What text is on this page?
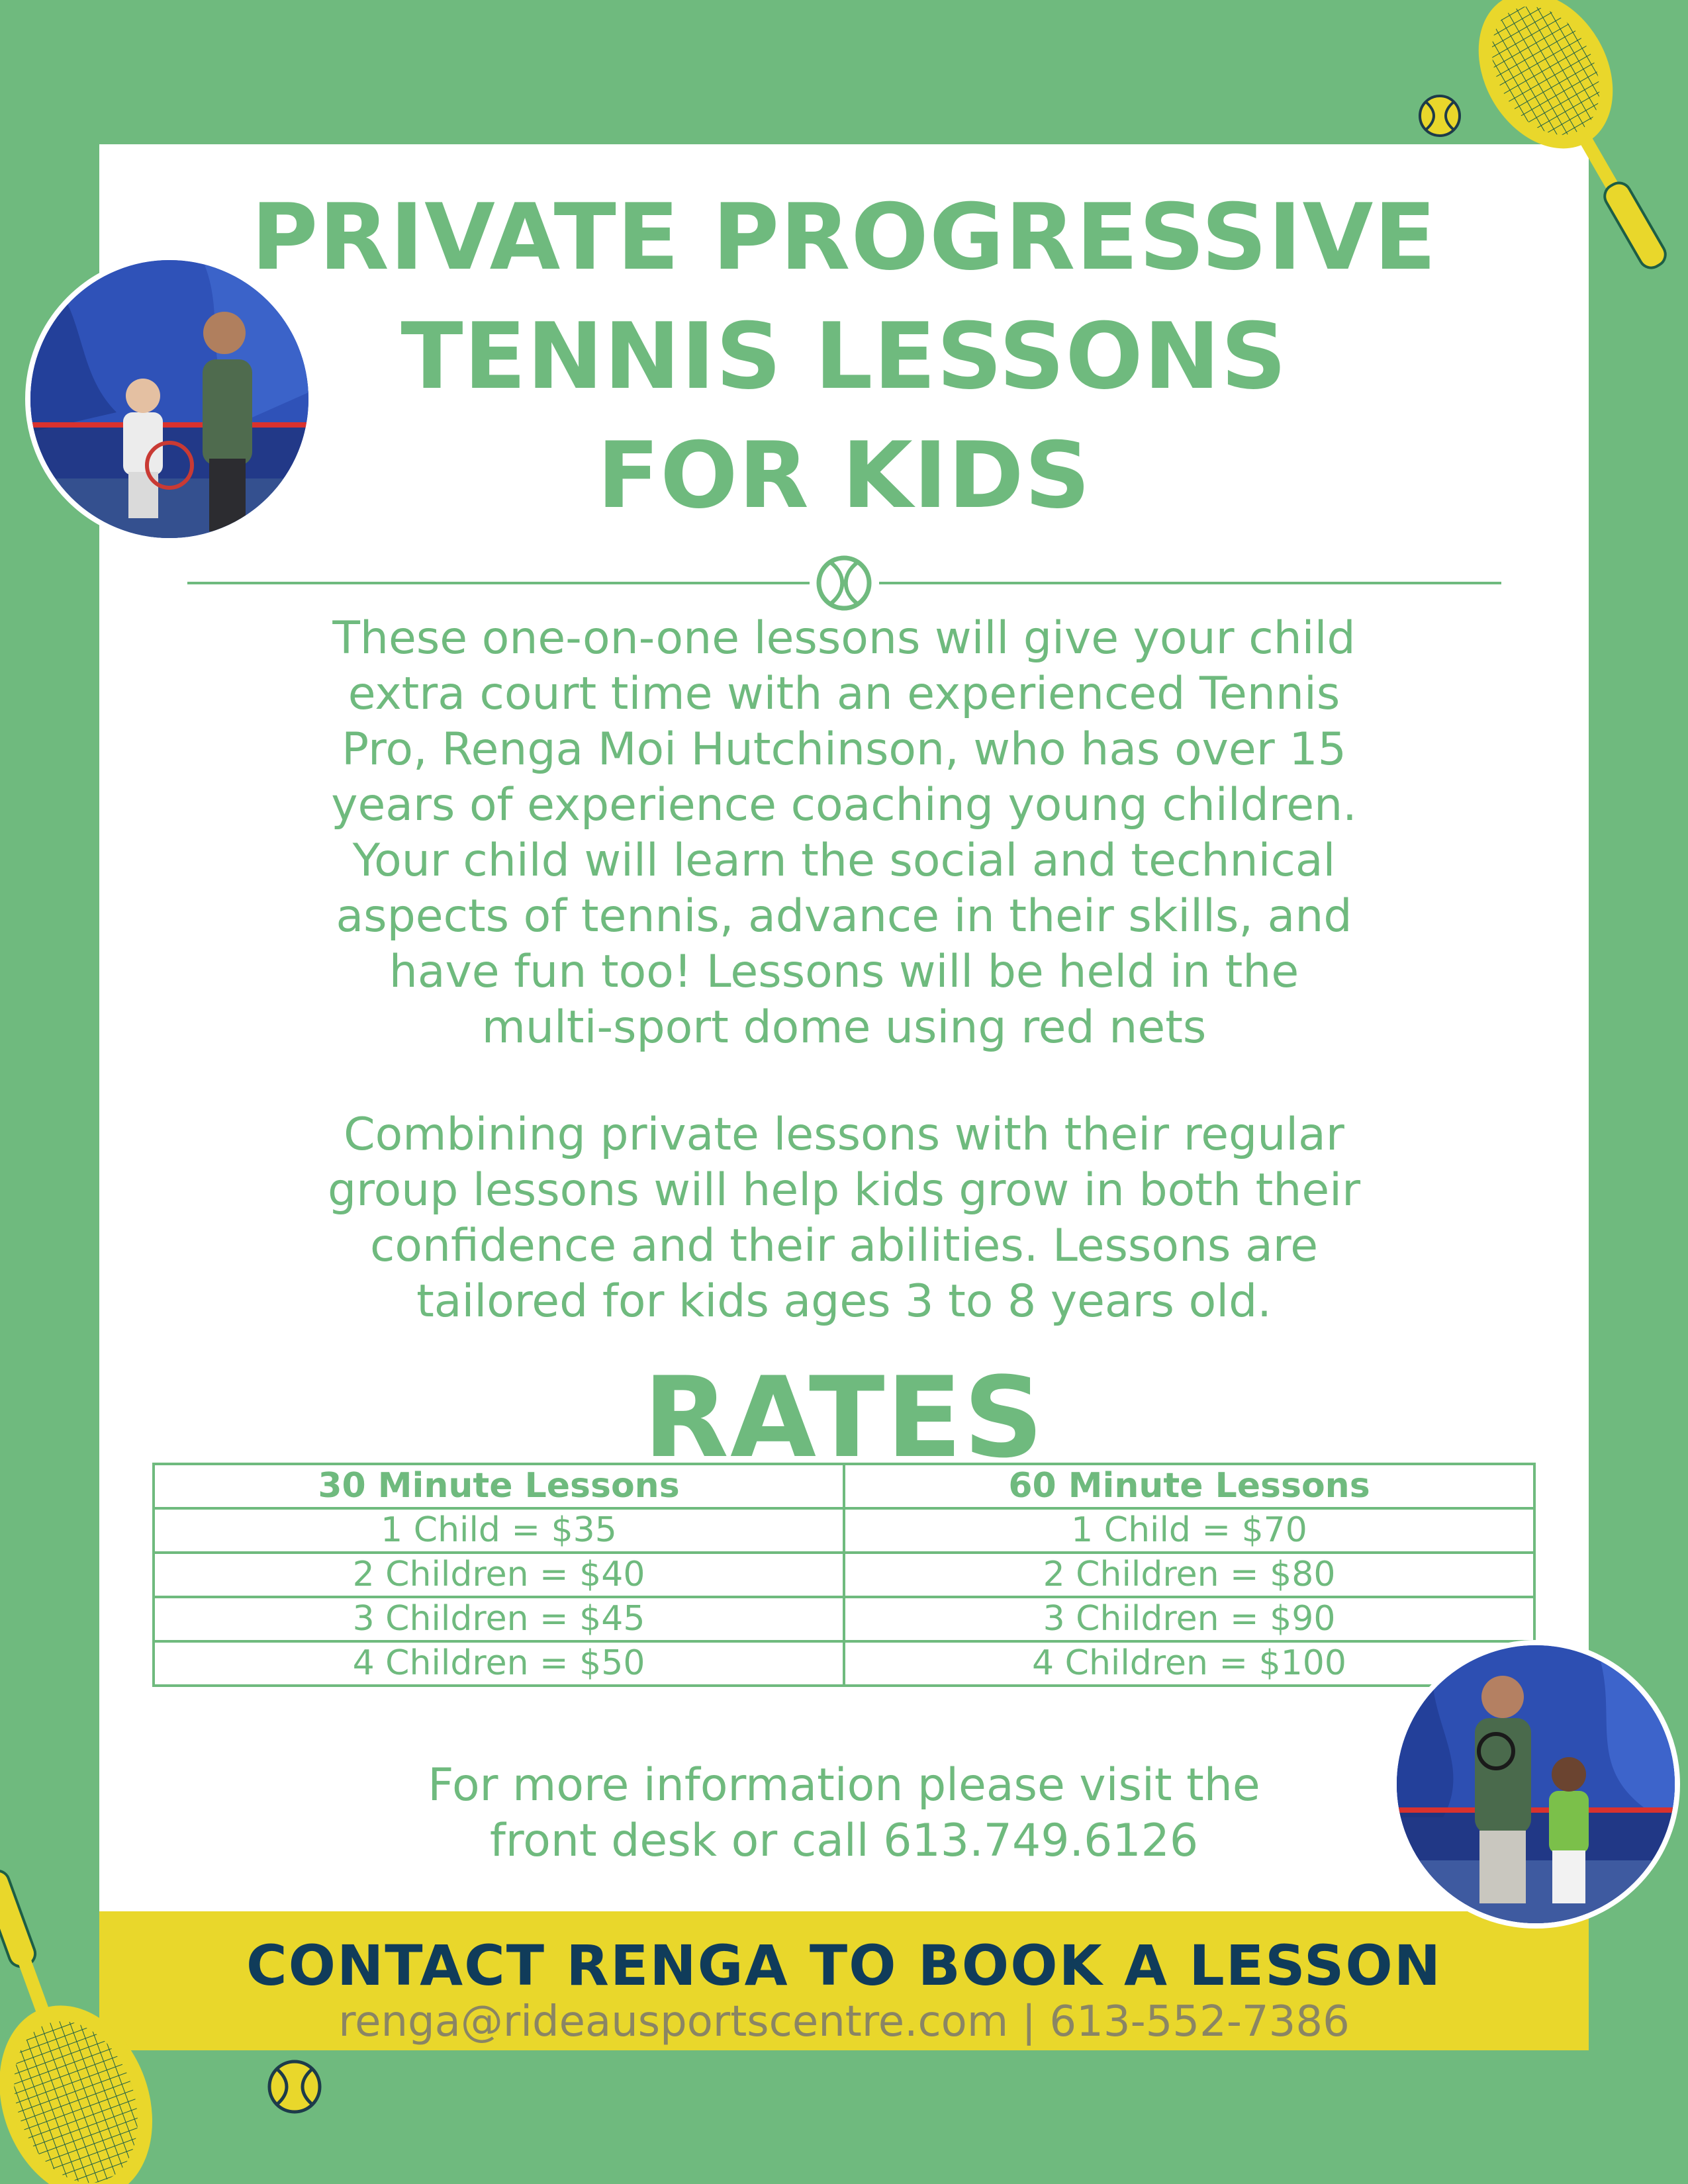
PRIVATE PROGRESSIVE
TENNIS LESSONS
FOR KIDS

These one-on-one lessons will give your child

extra court time with an experienced Tennis

Pro, Renga Moi Hutchinson, who has over 15

years of experience coaching young children.

Your child will learn the social and technical

aspects of tennis, advance in their skills, and

have fun too! Lessons will be held in the

multi-sport dome using red nets

Combining private lessons with their regular

group lessons will help kids grow in both their

confidence and their abilities. Lessons are

tailored for kids ages 3 to 8 years old.

RATES
30 Minute Lessons	60 Minute Lessons
1 Child = $35	1 Child = $70
2 Children = $40	2 Children = $80
3 Children = $45	3 Children = $90
4 Children = $50	4 Children = $100

For more information please visit the

front desk or call 613.749.6126

CONTACT RENGA TO BOOK A LESSON
renga@rideausportscentre.com | 613-552-7386
